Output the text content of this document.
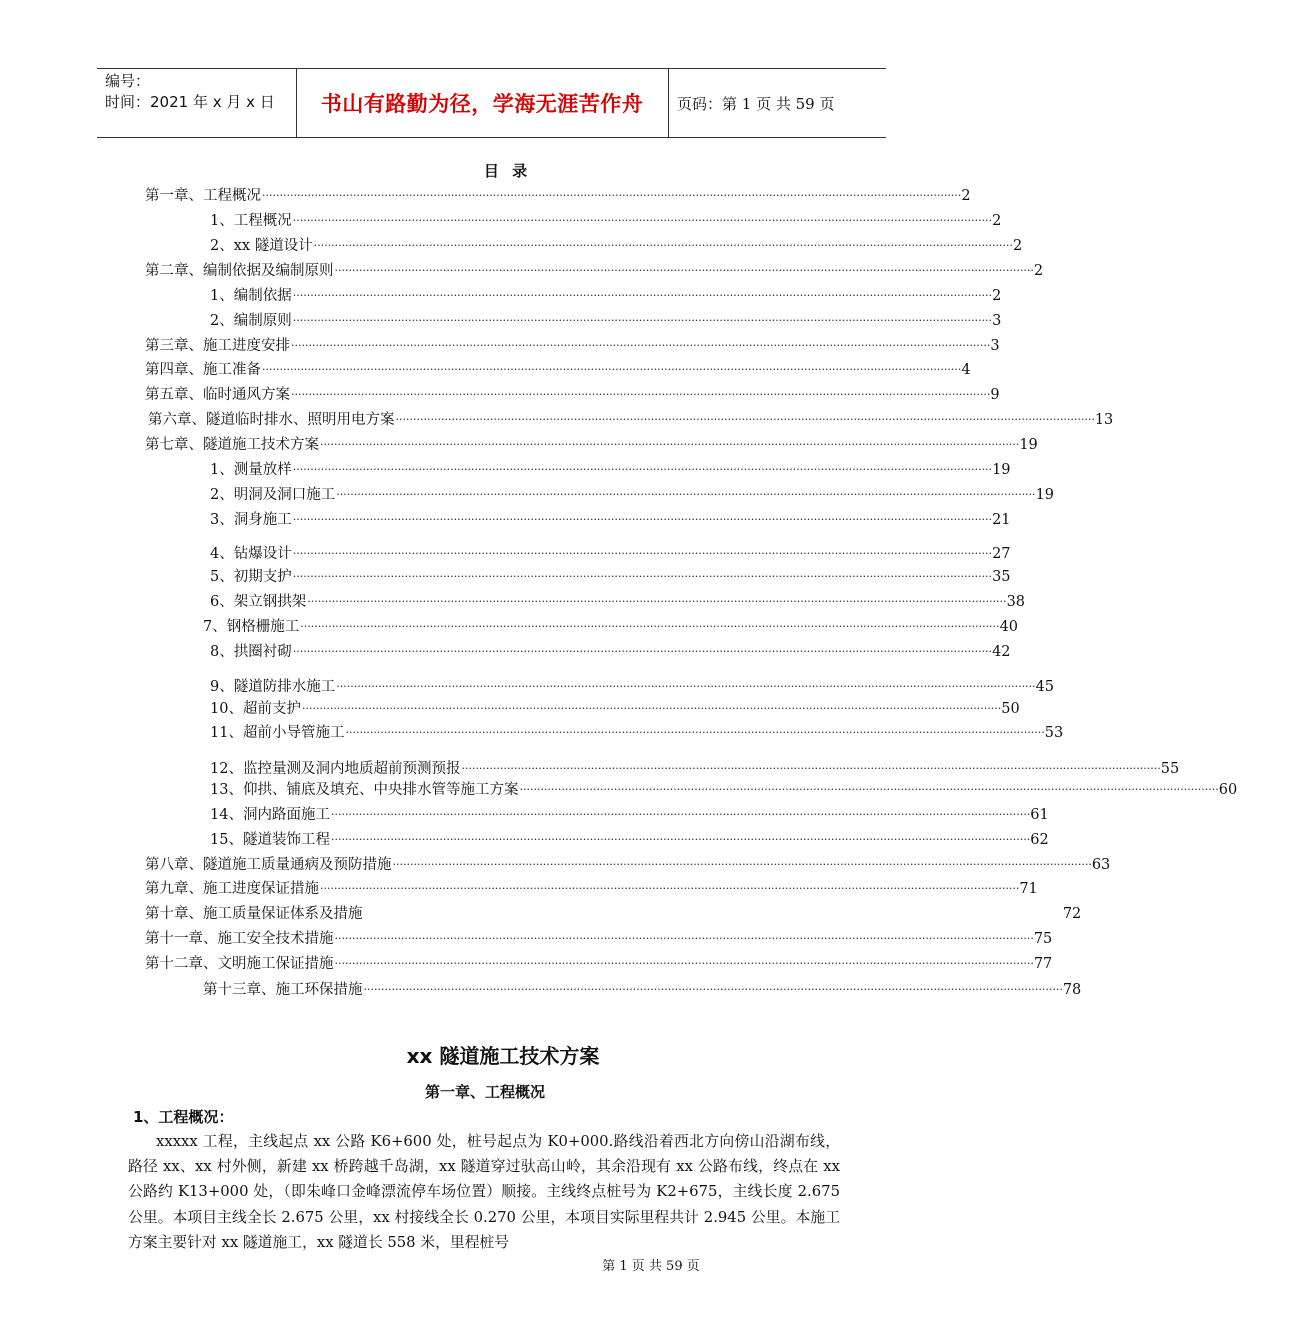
编号：
时间：2021 年 x 月 x 日	书山有路勤为径，学海无涯苦作舟	页码：第 1 页 共 59 页
目 录
第一章、工程概况 ········································································································································································································ 2
1、工程概况 ········································································································································································································ 2
2、xx 隧道设计 ········································································································································································································ 2
第二章、编制依据及编制原则 ········································································································································································································ 2
1、编制依据 ········································································································································································································ 2
2、编制原则 ········································································································································································································ 3
第三章、施工进度安排 ········································································································································································································ 3
第四章、施工准备 ········································································································································································································ 4
第五章、临时通风方案 ········································································································································································································ 9
第六章、隧道临时排水、照明用电方案 ········································································································································································································ 13
第七章、隧道施工技术方案 ········································································································································································································ 19
1、测量放样 ········································································································································································································ 19
2、明洞及洞口施工 ········································································································································································································ 19
3、洞身施工 ········································································································································································································ 21
4、钻爆设计 ········································································································································································································ 27
5、初期支护 ········································································································································································································ 35
6、架立钢拱架 ········································································································································································································ 38
7、钢格栅施工 ········································································································································································································ 40
8、拱圈衬砌 ········································································································································································································ 42
9、隧道防排水施工 ········································································································································································································ 45
10、超前支护 ········································································································································································································ 50
11、超前小导管施工 ········································································································································································································ 53
12、监控量测及洞内地质超前预测预报 ········································································································································································································ 55
13、仰拱、铺底及填充、中央排水管等施工方案 ········································································································································································································ 60
14、洞内路面施工 ········································································································································································································ 61
15、隧道装饰工程 ········································································································································································································ 62
第八章、隧道施工质量通病及预防措施 ········································································································································································································ 63
第九章、施工进度保证措施 ········································································································································································································ 71
第十章、施工质量保证体系及措施	72
第十一章、施工安全技术措施 ········································································································································································································ 75
第十二章、文明施工保证措施 ········································································································································································································ 77
第十三章、施工环保措施 ········································································································································································································ 78
xx 隧道施工技术方案
第一章、工程概况
1、工程概况：
xxxxx 工程，主线起点 xx 公路 K6+600 处，桩号起点为 K0+000.路线沿着西北方向傍山沿湖布线，路径 xx、xx 村外侧，新建 xx 桥跨越千岛湖，xx 隧道穿过驮高山岭，其余沿现有 xx 公路布线，终点在 xx 公路约 K13+000 处，（即朱峰口金峰漂流停车场位置）顺接。主线终点桩号为 K2+675，主线长度 2.675 公里。本项目主线全长 2.675 公里，xx 村接线全长 0.270 公里，本项目实际里程共计 2.945 公里。本施工方案主要针对 xx 隧道施工，xx 隧道长 558 米，里程桩号
第 1 页 共 59 页
